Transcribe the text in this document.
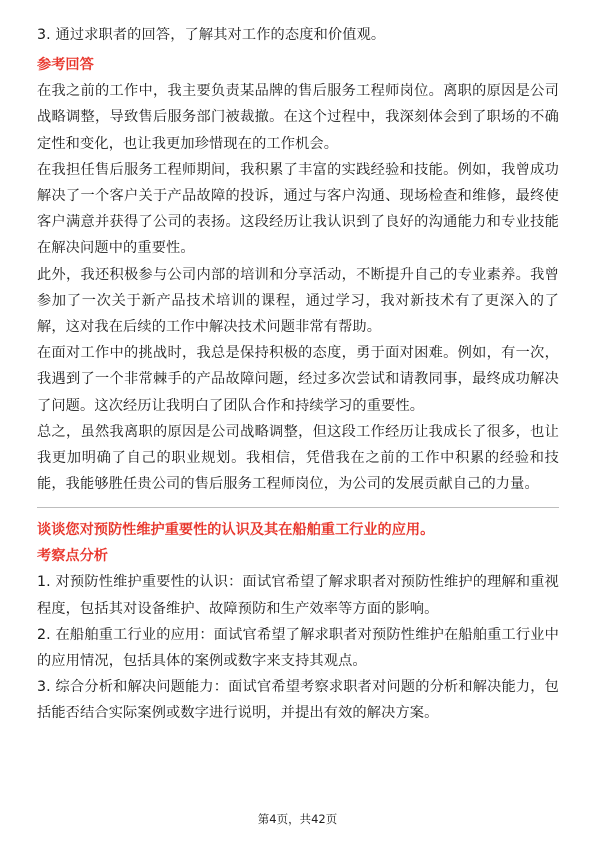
3. 通过求职者的回答，了解其对工作的态度和价值观。

参考回答

在我之前的工作中，我主要负责某品牌的售后服务工程师岗位。离职的原因是公司战略调整，导致售后服务部门被裁撤。在这个过程中，我深刻体会到了职场的不确定性和变化，也让我更加珍惜现在的工作机会。

在我担任售后服务工程师期间，我积累了丰富的实践经验和技能。例如，我曾成功解决了一个客户关于产品故障的投诉，通过与客户沟通、现场检查和维修，最终使客户满意并获得了公司的表扬。这段经历让我认识到了良好的沟通能力和专业技能在解决问题中的重要性。

此外，我还积极参与公司内部的培训和分享活动，不断提升自己的专业素养。我曾参加了一次关于新产品技术培训的课程，通过学习，我对新技术有了更深入的了解，这对我在后续的工作中解决技术问题非常有帮助。

在面对工作中的挑战时，我总是保持积极的态度，勇于面对困难。例如，有一次，我遇到了一个非常棘手的产品故障问题，经过多次尝试和请教同事，最终成功解决了问题。这次经历让我明白了团队合作和持续学习的重要性。

总之，虽然我离职的原因是公司战略调整，但这段工作经历让我成长了很多，也让我更加明确了自己的职业规划。我相信，凭借我在之前的工作中积累的经验和技能，我能够胜任贵公司的售后服务工程师岗位，为公司的发展贡献自己的力量。

谈谈您对预防性维护重要性的认识及其在船舶重工行业的应用。
考察点分析

1. 对预防性维护重要性的认识：面试官希望了解求职者对预防性维护的理解和重视程度，包括其对设备维护、故障预防和生产效率等方面的影响。

2. 在船舶重工行业的应用：面试官希望了解求职者对预防性维护在船舶重工行业中的应用情况，包括具体的案例或数字来支持其观点。

3. 综合分析和解决问题能力：面试官希望考察求职者对问题的分析和解决能力，包括能否结合实际案例或数字进行说明，并提出有效的解决方案。

第4页，共42页
